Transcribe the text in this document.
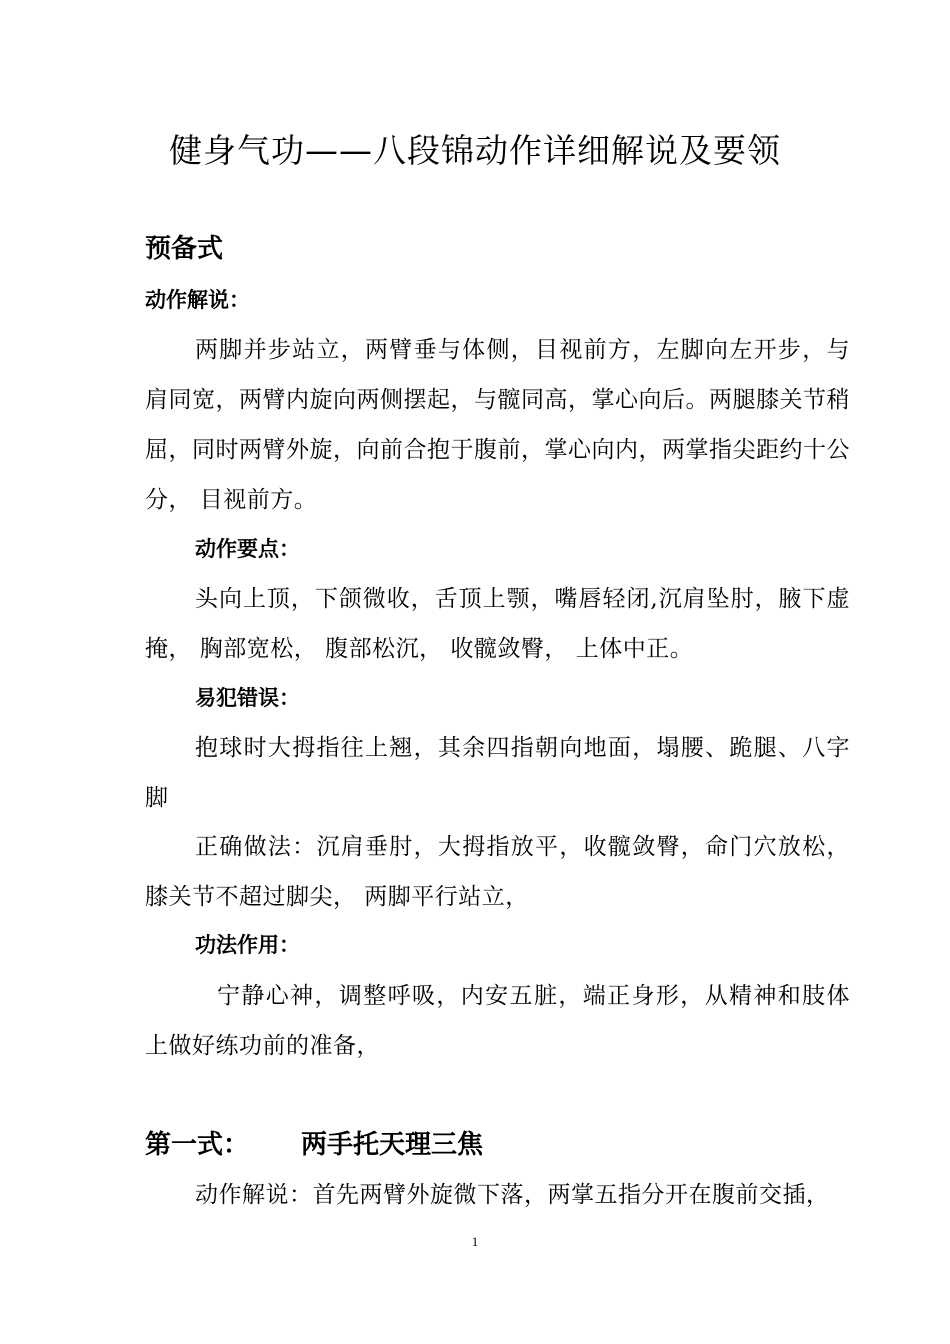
健身气功——八段锦动作详细解说及要领
预备式
动作解说：

两脚并步站立，两臂垂与体侧，目视前方，左脚向左开步，与肩同宽，两臂内旋向两侧摆起，与髋同高，掌心向后。两腿膝关节稍屈，同时两臂外旋，向前合抱于腹前，掌心向内，两掌指尖距约十公分， 目视前方。

动作要点：

头向上顶，下颌微收，舌顶上颚，嘴唇轻闭,沉肩坠肘，腋下虚掩， 胸部宽松， 腹部松沉， 收髋敛臀， 上体中正。

易犯错误：

抱球时大拇指往上翘，其余四指朝向地面，塌腰、跪腿、八字脚

正确做法：沉肩垂肘，大拇指放平，收髋敛臀，命门穴放松，膝关节不超过脚尖， 两脚平行站立，

功法作用：

宁静心神，调整呼吸，内安五脏，端正身形，从精神和肢体上做好练功前的准备，

第一式： 两手托天理三焦

动作解说：首先两臂外旋微下落，两掌五指分开在腹前交插，

1
